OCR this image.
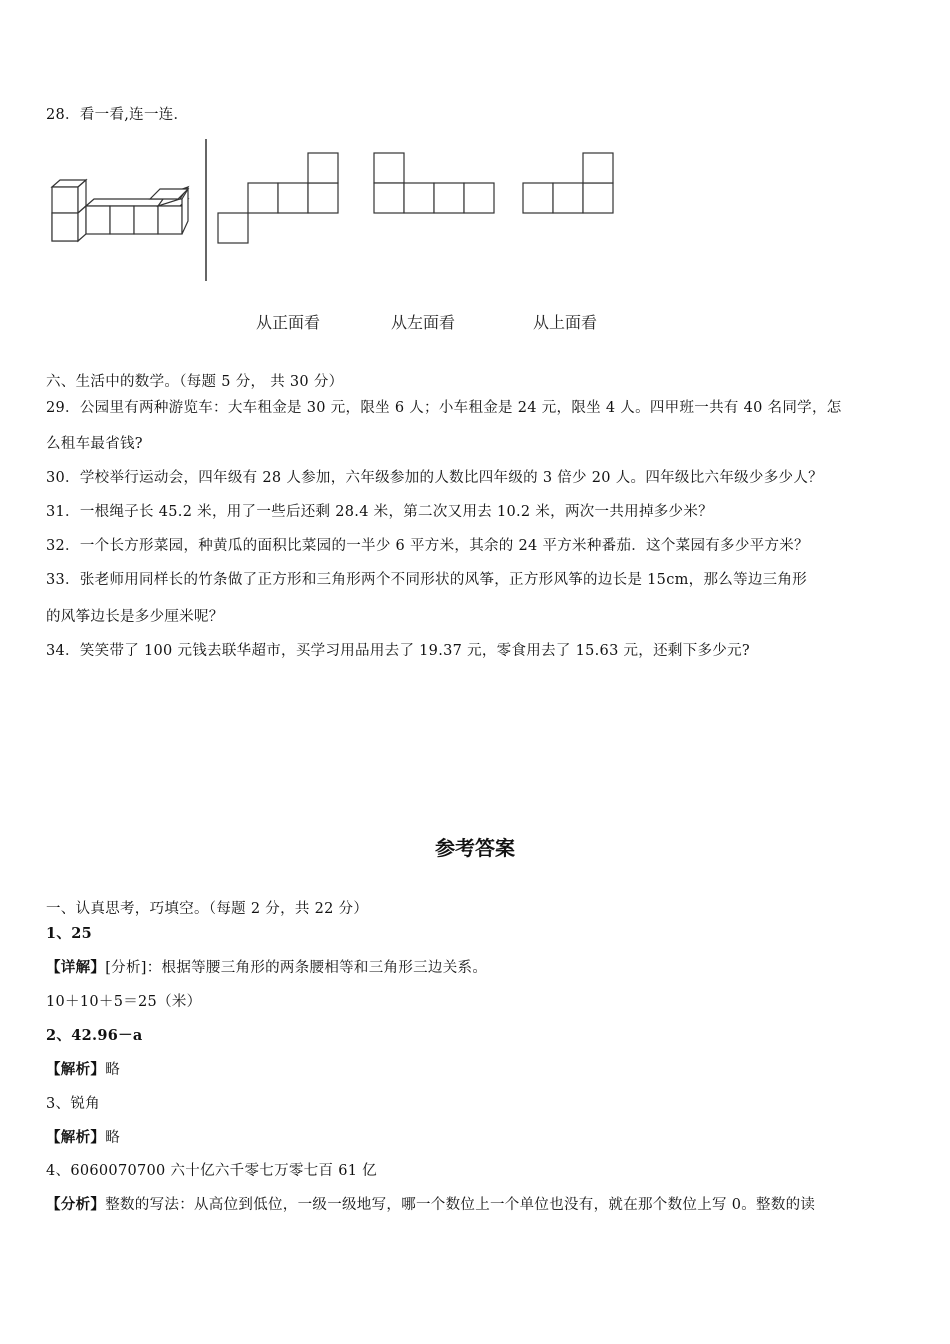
28．看一看,连一连．
从正面看	从左面看	从上面看
六、生活中的数学。（每题 5 分， 共 30 分）
29．公园里有两种游览车：大车租金是 30 元，限坐 6 人；小车租金是 24 元，限坐 4 人。四甲班一共有 40 名同学，怎
么租车最省钱?
30．学校举行运动会，四年级有 28 人参加，六年级参加的人数比四年级的 3 倍少 20 人。四年级比六年级少多少人？
31．一根绳子长 45.2 米，用了一些后还剩 28.4 米，第二次又用去 10.2 米，两次一共用掉多少米？
32．一个长方形菜园，种黄瓜的面积比菜园的一半少 6 平方米，其余的 24 平方米种番茄．这个菜园有多少平方米？
33．张老师用同样长的竹条做了正方形和三角形两个不同形状的风筝，正方形风筝的边长是 15cm，那么等边三角形
的风筝边长是多少厘米呢？
34．笑笑带了 100 元钱去联华超市，买学习用品用去了 19.37 元，零食用去了 15.63 元，还剩下多少元?
参考答案
一、认真思考，巧填空。（每题 2 分，共 22 分）
1、25
【详解】[分析]：根据等腰三角形的两条腰相等和三角形三边关系。
10＋10＋5＝25（米）
2、42.96－a
【解析】略
3、锐角
【解析】略
4、6060070700 六十亿六千零七万零七百 61 亿
【分析】整数的写法：从高位到低位，一级一级地写，哪一个数位上一个单位也没有，就在那个数位上写 0。整数的读
